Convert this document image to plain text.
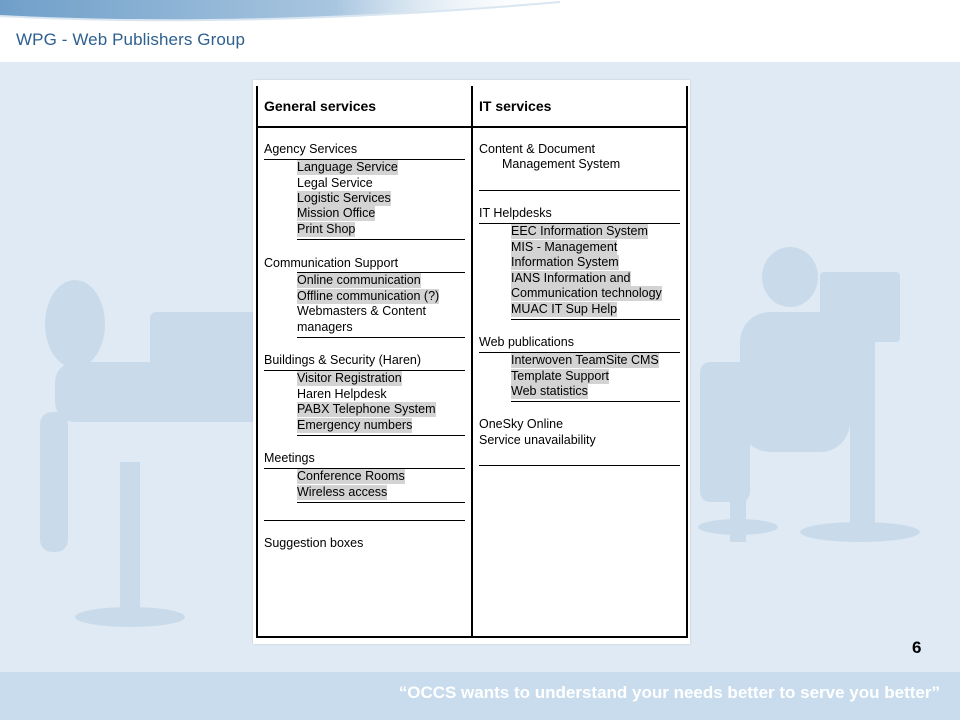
WPG - Web Publishers Group
General services	IT services
Agency Services
Language Service
Legal Service
Logistic Services
Mission Office
Print Shop
Communication Support
Online communication
Offline communication (?)
Webmasters & Content
managers
Buildings & Security (Haren)
Visitor Registration
Haren Helpdesk
PABX Telephone System
Emergency numbers
Meetings
Conference Rooms
Wireless access
Suggestion boxes
Content & Document
Management System
IT Helpdesks
EEC Information System
MIS - Management
Information System
IANS Information and
Communication technology
MUAC IT Sup Help
Web publications
Interwoven TeamSite CMS
Template Support
Web statistics
OneSky Online
Service unavailability
6
“OCCS wants to understand your needs better to serve you better”
